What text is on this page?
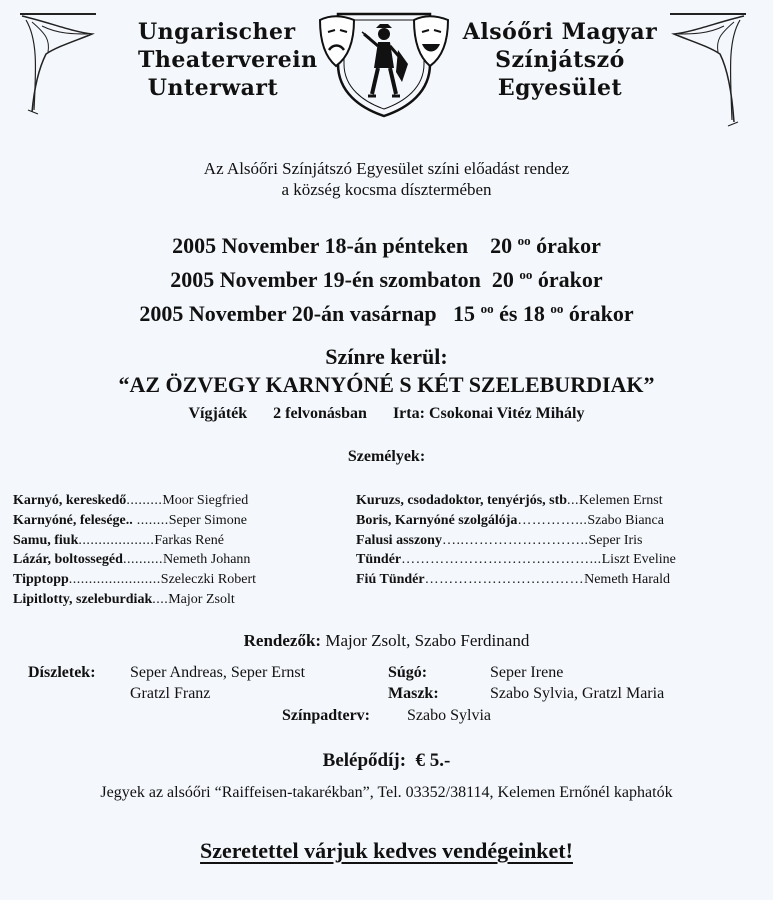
Ungarischer
Theaterverein
Unterwart
Alsóőri Magyar
Színjátszó
Egyesület
Az Alsóőri Színjátszó Egyesület színi előadást rendez
a község kocsma dísztermében
2005 November 18-án pénteken    20 $^{oo}$ órakor
2005 November 19-én szombaton  20 $^{oo}$ órakor
2005 November 20-án vasárnap   15 $^{oo}$ és 18 $^{oo}$ órakor
Színre kerül:
“AZ ÖZVEGY KARNYÓNÉ S KÉT SZELEBURDIAK”
Vígjáték 2 felvonásban Irta: Csokonai Vitéz Mihály
Személyek:
Karnyó, kereskedő.........Moor Siegfried
Karnyóné, felesége.. ........Seper Simone
Samu, fiuk...................Farkas René
Lázár, boltossegéd..........Nemeth Johann
Tipptopp.......................Szeleczki Robert
Lipitlotty, szeleburdiak....Major Zsolt
Kuruzs, csodadoktor, tenyérjós, stb...Kelemen Ernst
Boris, Karnyóné szolgálója…………...Szabo Bianca
Falusi asszony…..……………………..Seper Iris
Tündér…………………………………...Liszt Eveline
Fiú Tündér……………………………Nemeth Harald
Rendezők: Major Zsolt, Szabo Ferdinand
Díszletek: Seper Andreas, Seper Ernst
Gratzl Franz
Súgó:	Seper Irene
Maszk:	Szabo Sylvia, Gratzl Maria
Színpadterv: Szabo Sylvia
Belépődíj:  € 5.-
Jegyek az alsóőri “Raiffeisen-takarékban”, Tel. 03352/38114, Kelemen Ernőnél kaphatók
Szeretettel várjuk kedves vendégeinket!
